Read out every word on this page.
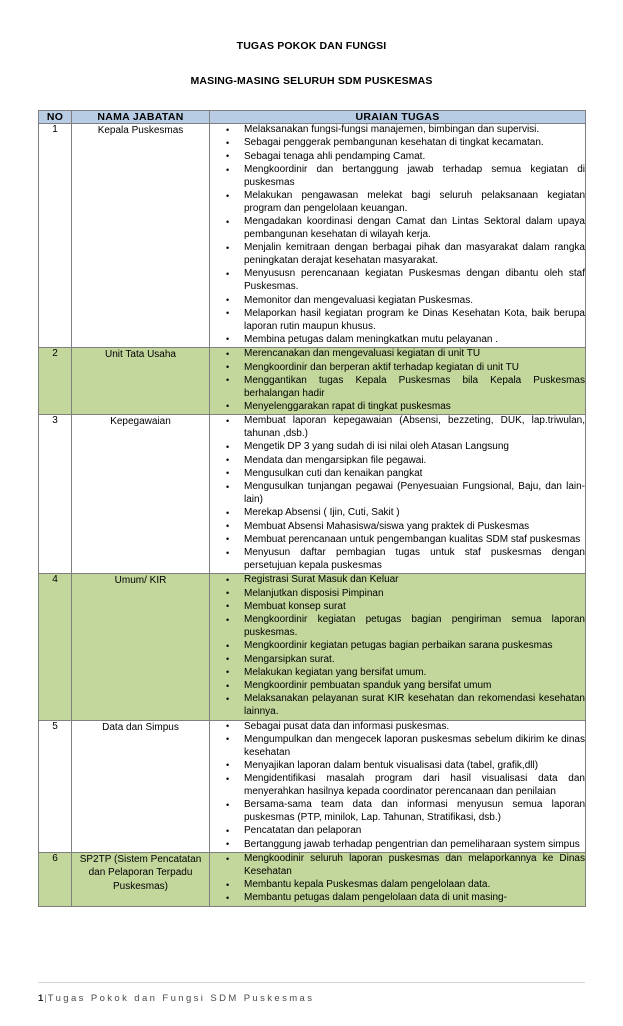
TUGAS POKOK DAN FUNGSI
MASING-MASING SELURUH SDM PUSKESMAS
NO	NAMA JABATAN	URAIAN TUGAS
1	Kepala Puskesmas	
•Melaksanakan fungsi-fungsi manajemen, bimbingan dan supervisi.
• Sebagai penggerak pembangunan kesehatan di tingkat kecamatan.
• Sebagai tenaga ahli pendamping Camat.
• Mengkoordinir dan bertanggung jawab terhadap semua kegiatan di puskesmas
• Melakukan pengawasan melekat bagi seluruh pelaksanaan kegiatan program dan pengelolaan keuangan.
• Mengadakan koordinasi dengan Camat dan Lintas Sektoral dalam upaya pembangunan kesehatan di wilayah kerja.
• Menjalin kemitraan dengan berbagai pihak dan masyarakat dalam rangka peningkatan derajat kesehatan masyarakat.
• Menyususn perencanaan kegiatan Puskesmas dengan dibantu oleh staf Puskesmas.
• Memonitor dan mengevaluasi kegiatan Puskesmas.
• Melaporkan hasil kegiatan program ke Dinas Kesehatan Kota, baik berupa laporan rutin maupun khusus.
• Membina petugas dalam meningkatkan mutu pelayanan .

2	Unit Tata Usaha	
•Merencanakan dan mengevaluasi kegiatan di unit TU
• Mengkoordinir dan berperan aktif terhadap kegiatan di unit TU
• Menggantikan tugas Kepala Puskesmas bila Kepala Puskesmas berhalangan hadir
• Menyelenggarakan rapat di tingkat puskesmas

3	Kepegawaian	
•Membuat laporan kepegawaian (Absensi, bezzeting, DUK, lap.triwulan, tahunan ,dsb.)
• Mengetik DP 3 yang sudah di isi nilai oleh Atasan Langsung
• Mendata dan mengarsipkan file pegawai.
• Mengusulkan cuti dan kenaikan pangkat
• Mengusulkan tunjangan pegawai (Penyesuaian Fungsional, Baju, dan lain-lain)
• Merekap Absensi ( Ijin, Cuti, Sakit )
• Membuat Absensi Mahasiswa/siswa yang praktek di Puskesmas
• Membuat perencanaan untuk pengembangan kualitas SDM staf puskesmas
• Menyusun daftar pembagian tugas untuk staf puskesmas dengan persetujuan kepala puskesmas

4	Umum/ KIR	
•Registrasi Surat Masuk dan Keluar
• Melanjutkan disposisi Pimpinan
• Membuat konsep surat
• Mengkoordinir kegiatan petugas bagian pengiriman semua laporan puskesmas.
• Mengkoordinir kegiatan petugas bagian perbaikan sarana puskesmas
• Mengarsipkan surat.
• Melakukan kegiatan yang bersifat umum.
• Mengkoordinir pembuatan spanduk yang bersifat umum
• Melaksanakan pelayanan surat KIR kesehatan dan rekomendasi kesehatan lainnya.

5	Data dan Simpus	
•Sebagai pusat data dan informasi puskesmas.
• Mengumpulkan dan mengecek laporan puskesmas sebelum dikirim ke dinas kesehatan
• Menyajikan laporan dalam bentuk visualisasi data (tabel, grafik,dll)
• Mengidentifikasi masalah program dari hasil visualisasi data dan menyerahkan hasilnya kepada coordinator perencanaan dan penilaian
• Bersama-sama team data dan informasi menyusun semua laporan puskesmas (PTP, minilok, Lap. Tahunan, Stratifikasi, dsb.)
• Pencatatan dan pelaporan
• Bertanggung jawab terhadap pengentrian dan pemeliharaan system simpus

6	SP2TP (Sistem Pencatatan dan Pelaporan Terpadu Puskesmas)	
• Mengkoodinir seluruh laporan puskesmas dan melaporkannya ke Dinas Kesehatan
• Membantu kepala Puskesmas dalam pengelolaan data.
• Membantu petugas dalam pengelolaan data di unit masing-
1|Tugas Pokok dan Fungsi SDM Puskesmas
